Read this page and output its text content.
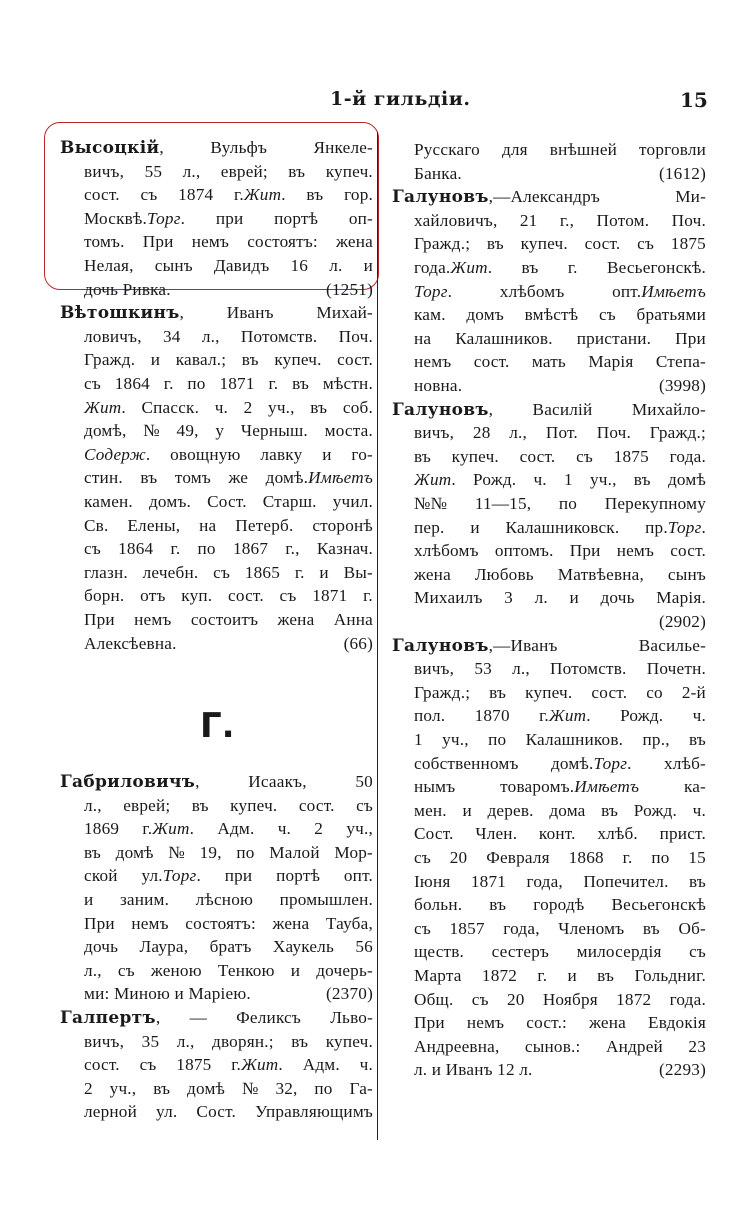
1-й гильдіи.	15
Г.
Высоцкій,	Вульфъ	Янкеле-
вичъ, 55 л., еврей; въ купеч.
сост. съ 1874 г.Жит. въ гор.
Москвѣ.Торг. при портѣ оп-
томъ. При немъ состоятъ: жена
Нелая, сынъ Давидъ 16 л. и
дочь Ривка.	(1251)
Вѣтошкинъ, Иванъ Михай-
ловичъ, 34 л., Потомств. Поч.
Гражд. и кавал.; въ купеч. сост.
съ 1864 г. по 1871 г. въ мѣстн.
Жит. Спасск. ч. 2 уч., въ соб.
домѣ, № 49, у Черныш. моста.
Содерж. овощную лавку и го-
стин. въ томъ же домѣ.Имѣетъ
камен. домъ. Сост. Старш. учил.
Св. Елены, на Петерб. сторонѣ
съ 1864 г. по 1867 г., Казнач.
глазн. лечебн. съ 1865 г. и Вы-
борн. отъ куп. сост. съ 1871 г.
При немъ состоитъ жена Анна
Алексѣевна.	(66)
Габриловичъ,	Исаакъ,	50
л., еврей; въ купеч. сост. съ
1869 г.Жит. Адм. ч. 2 уч.,
въ домѣ № 19, по Малой Мор-
ской ул.Торг. при портѣ опт.
и заним. лѣсною промышлен.
При немъ состоятъ: жена Тауба,
дочь Лаура, братъ Хаукель 56
л., съ женою Тенкою и дочерь-
ми: Миною и Маріею.	(2370)
Галпертъ, — Феликсъ Льво-
вичъ, 35 л., дворян.; въ купеч.
сост. съ 1875 г.Жит. Адм. ч.
2 уч., въ домѣ № 32, по Га-
лерной ул. Сост. Управляющимъ
Русскаго для внѣшней торговли
Банка.	(1612)
Галуновъ,—Александръ	Ми-
хайловичъ, 21 г., Потом. Поч.
Гражд.; въ купеч. сост. съ 1875
года.Жит. въ г. Весьегонскѣ.
Торг.	хлѣбомъ	опт.Имѣетъ
кам. домъ вмѣстѣ съ братьями
на Калашников. пристани. При
немъ сост. мать Марія Степа-
новна.	(3998)
Галуновъ, Василій Михайло-
вичъ, 28 л., Пот. Поч. Гражд.;
въ купеч. сост. съ 1875 года.
Жит. Рожд. ч. 1 уч., въ домѣ
№№ 11—15, по Перекупному
пер. и Калашниковск. пр.Торг.
хлѣбомъ оптомъ. При немъ сост.
жена Любовь Матвѣевна, сынъ
Михаилъ 3 л. и дочь Марія.
(2902)
Галуновъ,—Иванъ	Василье-
вичъ, 53 л., Потомств. Почетн.
Гражд.; въ купеч. сост. со 2-й
пол. 1870 г.Жит. Рожд. ч.
1 уч., по Калашников. пр., въ
собственномъ домѣ.Торг. хлѣб-
нымъ	товаромъ.Имѣетъ	ка-
мен. и дерев. дома въ Рожд. ч.
Сост. Член. конт. хлѣб. прист.
съ 20 Февраля 1868 г. по 15
Іюня 1871 года, Попечител. въ
больн. въ городѣ Весьегонскѣ
съ 1857 года, Членомъ въ Об-
ществ. сестеръ милосердія съ
Марта 1872 г. и въ Гольдниг.
Общ. съ 20 Ноября 1872 года.
При немъ сост.: жена Евдокія
Андреевна, сынов.: Андрей 23
л. и Иванъ 12 л.	(2293)
